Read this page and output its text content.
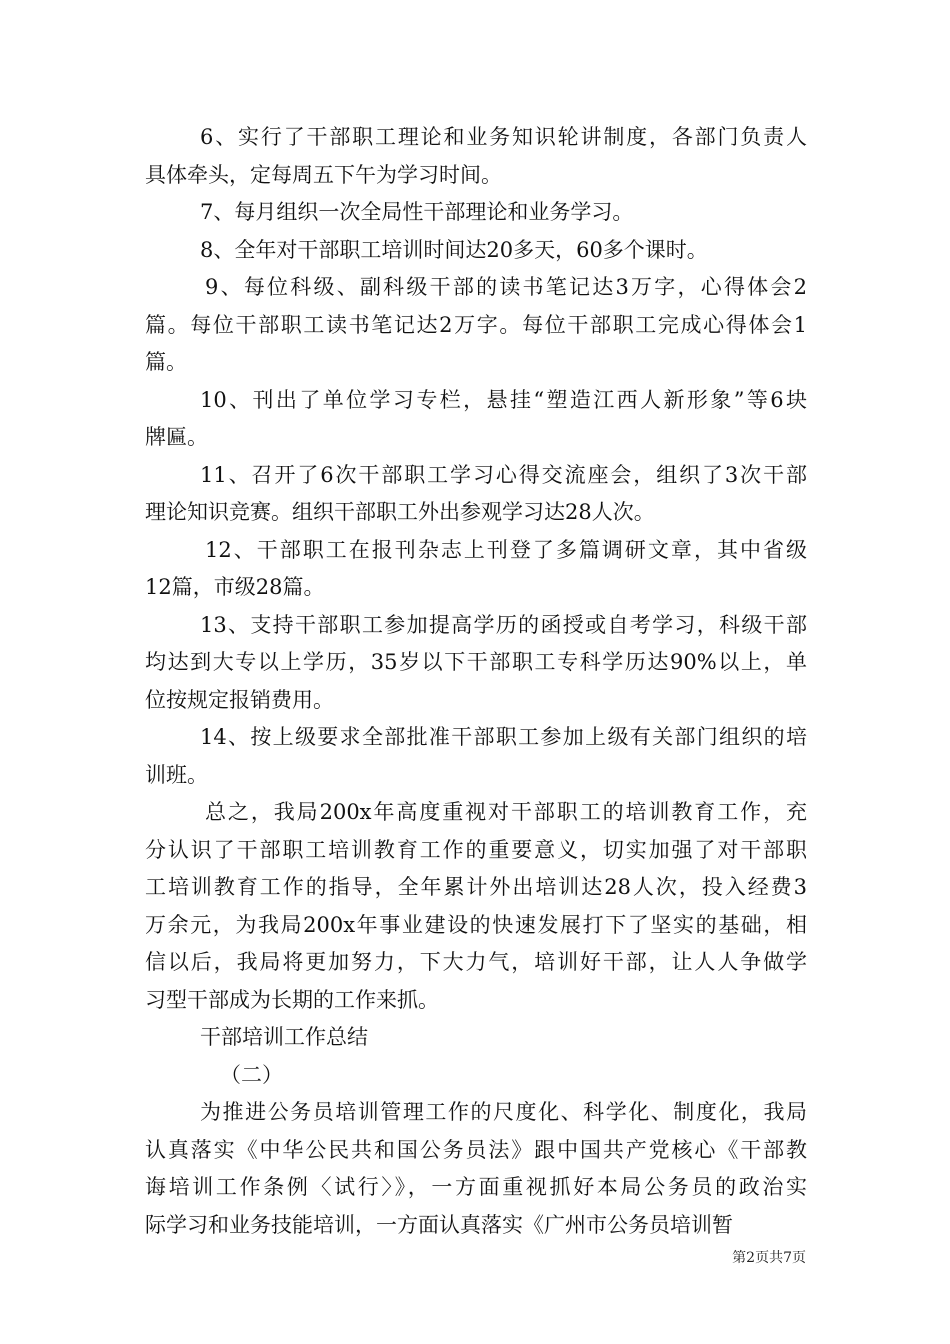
6、实行了干部职工理论和业务知识轮讲制度，各部门负责人
具体牵头，定每周五下午为学习时间。
7、每月组织一次全局性干部理论和业务学习。
8、全年对干部职工培训时间达20多天，60多个课时。
9、每位科级、副科级干部的读书笔记达3万字，心得体会2
篇。每位干部职工读书笔记达2万字。每位干部职工完成心得体会1
篇。
10、刊出了单位学习专栏，悬挂“塑造江西人新形象”等6块
牌匾。
11、召开了6次干部职工学习心得交流座会，组织了3次干部
理论知识竞赛。组织干部职工外出参观学习达28人次。
12、干部职工在报刊杂志上刊登了多篇调研文章，其中省级
12篇，市级28篇。
13、支持干部职工参加提高学历的函授或自考学习，科级干部
均达到大专以上学历，35岁以下干部职工专科学历达90%以上，单
位按规定报销费用。
14、按上级要求全部批准干部职工参加上级有关部门组织的培
训班。
总之，我局200x年高度重视对干部职工的培训教育工作，充
分认识了干部职工培训教育工作的重要意义，切实加强了对干部职
工培训教育工作的指导，全年累计外出培训达28人次，投入经费3
万余元，为我局200x年事业建设的快速发展打下了坚实的基础，相
信以后，我局将更加努力，下大力气，培训好干部，让人人争做学
习型干部成为长期的工作来抓。
干部培训工作总结
（二）
为推进公务员培训管理工作的尺度化、科学化、制度化，我局
认真落实《中华公民共和国公务员法》跟中国共产党核心《干部教
诲培训工作条例〈试行〉》，一方面重视抓好本局公务员的政治实
际学习和业务技能培训，一方面认真落实《广州市公务员培训暂
第2页共7页
